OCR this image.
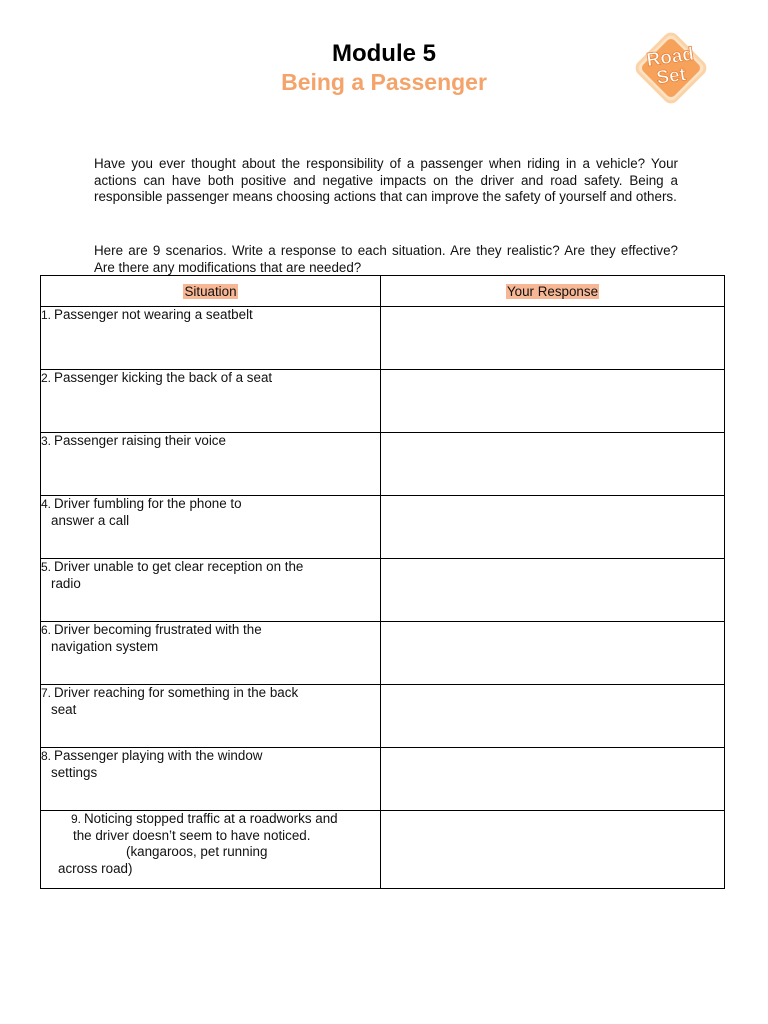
Module 5
Being a Passenger
Road
Set

Have you ever thought about the responsibility of a passenger when riding in a vehicle? Your actions can have both positive and negative impacts on the driver and road safety. Being a responsible passenger means choosing actions that can improve the safety of yourself and others.

Here are 9 scenarios. Write a response to each situation. Are they realistic? Are they effective? Are there any modifications that are needed?

Situation	Your Response
1. Passenger not wearing a seatbelt	
2. Passenger kicking the back of a seat	
3. Passenger raising their voice	
4. Driver fumbling for the phone to
answer a call	

5. Driver unable to get clear reception on the
radio	

6. Driver becoming frustrated with the
navigation system	

7. Driver reaching for something in the back
seat	

8. Passenger playing with the window
settings	

9. Noticing stopped traffic at a roadworks and
the driver doesn’t seem to have noticed.
(kangaroos, pet running
across road)	
